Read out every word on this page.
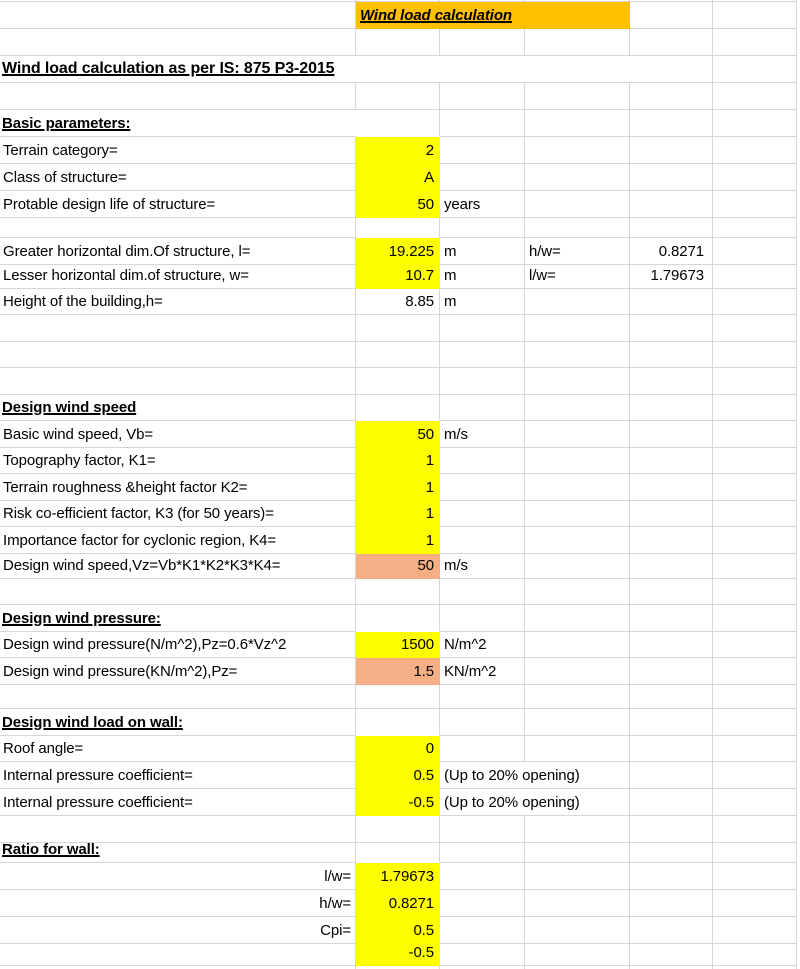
Wind load calculation
Wind load calculation as per IS: 875 P3-2015
Basic parameters:
Terrain category=	2
Class of structure=	A
Protable design life of structure=	50 years
Greater horizontal dim.Of structure, l=	19.225 m	h/w=	0.8271
Lesser horizontal dim.of structure, w=	10.7 m	l/w=	1.79673
Height of the building,h=	8.85 m
Design wind speed
Basic wind speed, Vb=	50 m/s
Topography factor, K1=	1
Terrain roughness &height factor K2=	1
Risk co-efficient factor, K3 (for 50 years)=	1
Importance factor for cyclonic region, K4=	1
Design wind speed,Vz=Vb*K1*K2*K3*K4=	50 m/s
Design wind pressure:
Design wind pressure(N/m^2),Pz=0.6*Vz^2	1500 N/m^2
Design wind pressure(KN/m^2),Pz=	1.5 KN/m^2
Design wind load on wall:
Roof angle=	0
Internal pressure coefficient=	0.5 (Up to 20% opening)
Internal pressure coefficient=	-0.5 (Up to 20% opening)
Ratio for wall:
l/w=	1.79673
h/w=	0.8271
Cpi=	0.5
-0.5
